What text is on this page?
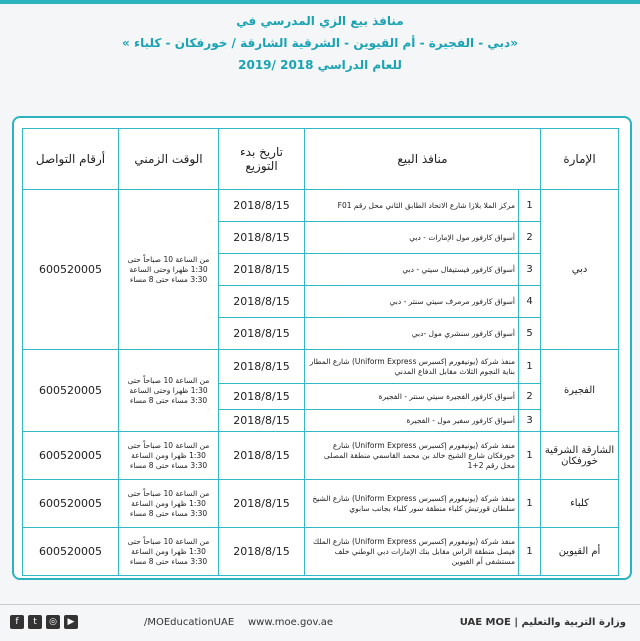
منافذ بيع الزي المدرسي في
«دبي - الفجيرة - أم القيوين - الشرقية الشارقة / خورفكان - كلباء »
للعام الدراسي 2018 /2019
الإمارة	منافذ البيع		تاريخ بدء التوزيع	الوقت الزمني	أرقام التواصل
دبي	1	مركز الملا بلازا شارع الاتحاد الطابق الثاني محل رقم F01	2018/8/15	من الساعة 10 صباحاً حتى 1:30 ظهرا وحتى الساعة 3:30 مساء حتى 8 مساء	600520005
	2	أسواق كارفور مول الإمارات - دبي	2018/8/15		
	3	أسواق كارفور فيستيفال سيتي - دبي	2018/8/15		
	4	أسواق كارفور مرمرف سيتي سنتر - دبي	2018/8/15		
	5	أسواق كارفور سنشري مول -دبي	2018/8/15		
الفجيرة	1	منفذ شركة (يونيفورم إكسبرس Uniform Express) شارع المطار بناية النجوم الثلاث مقابل الدفاع المدني	2018/8/15	من الساعة 10 صباحاً حتى 1:30 ظهرا وحتى الساعة 3:30 مساء حتى 8 مساء	600520005
	2	أسواق كارفور الفجيرة سيتي سنتر - الفجيرة	2018/8/15		
	3	أسواق كارفور سفير مول - الفجيرة	2018/8/15		
الشارقة الشرقية خورفكان	1	منفذ شركة (يونيفورم إكسبرس Uniform Express) شارع خورفكان شارع الشيخ خالد بن محمد القاسمي منطقة المصلى محل رقم 2+1	2018/8/15	من الساعة 10 صباحاً حتى 1:30 ظهرا ومن الساعة 3:30 مساء حتى 8 مساء	600520005
كلباء	1	منفذ شركة (يونيفورم إكسبرس Uniform Express) شارع الشيخ سلطان قورتيش كلباء منطقة سور كلباء بجانب سابوي	2018/8/15	من الساعة 10 صباحاً حتى 1:30 ظهرا ومن الساعة 3:30 مساء حتى 8 مساء	600520005
أم القيوين	1	منفذ شركة (يونيفورم إكسبرس Uniform Express) شارع الملك فيصل منطقة الراس مقابل بنك الإمارات دبي الوطني خلف مستشفى أم القيوين	2018/8/15	من الساعة 10 صباحاً حتى 1:30 ظهرا ومن الساعة 3:30 مساء حتى 8 مساء	600520005
وزارة التربية والتعليم | UAE MOE
www.moe.gov.ae
/MOEducationUAE
f t ◎ ▶
